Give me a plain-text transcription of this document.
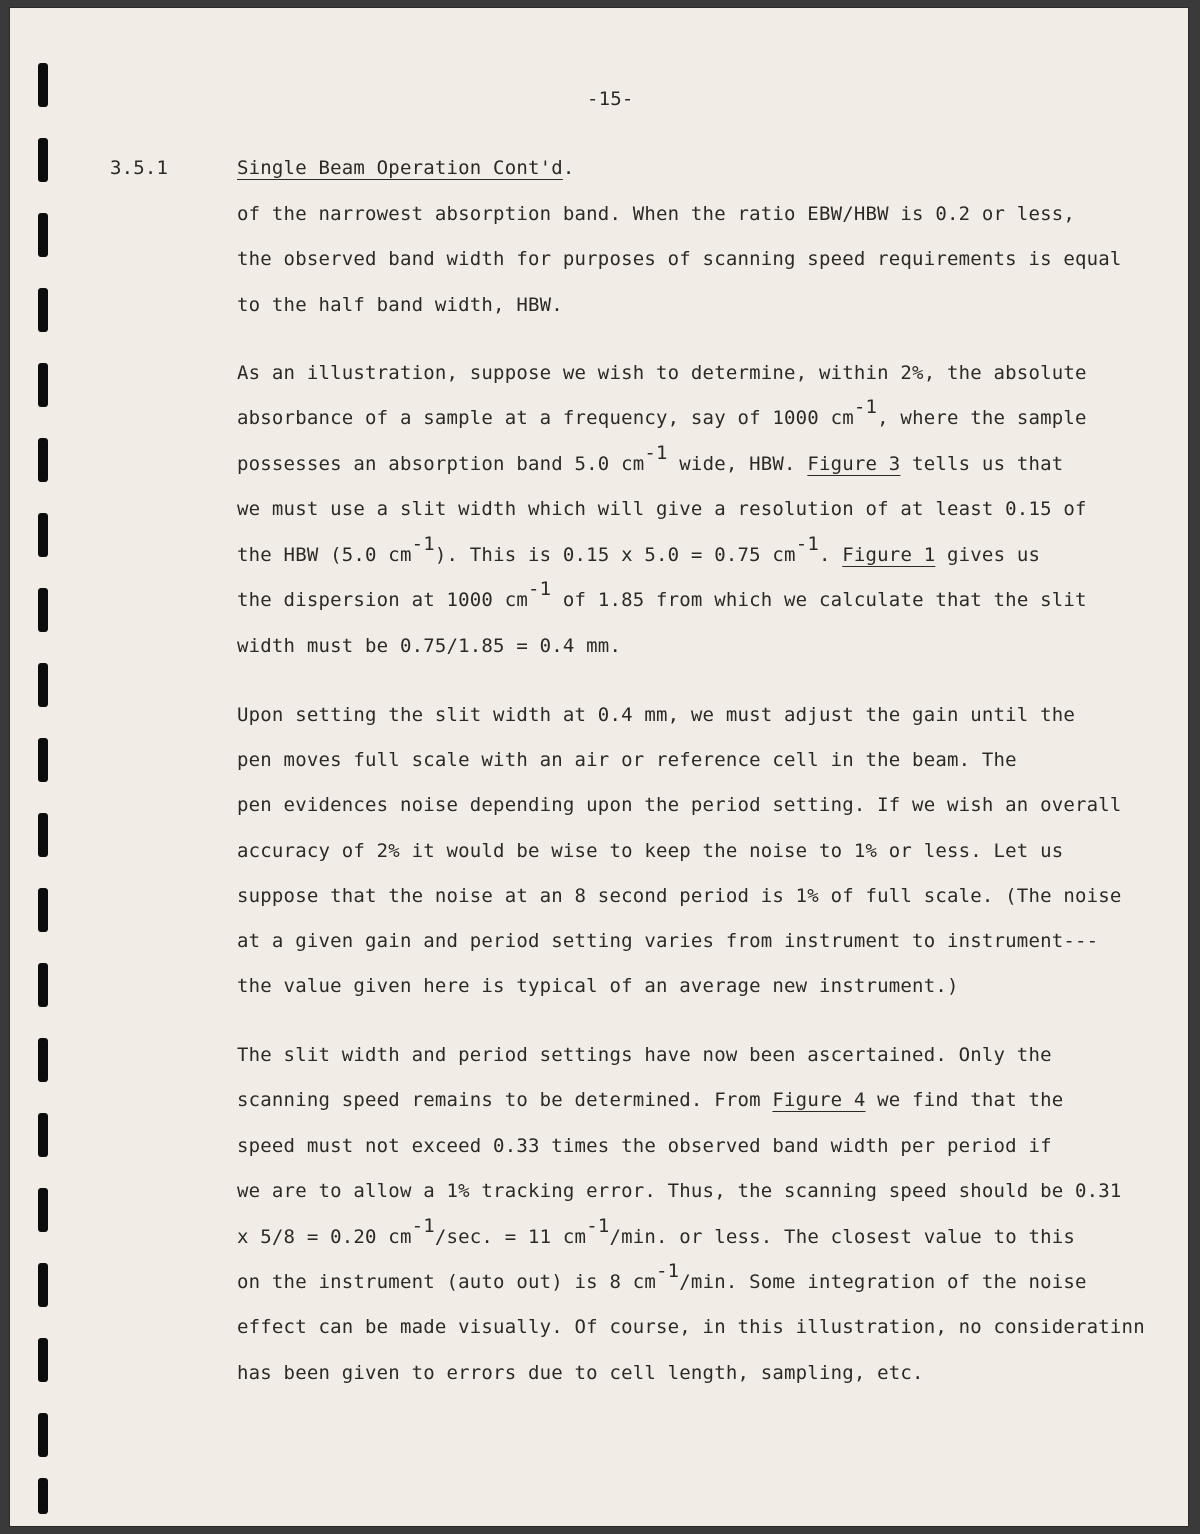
-15-
3.5.1	Single Beam Operation Cont'd.
of the narrowest absorption band. When the ratio EBW/HBW is 0.2 or less,
the observed band width for purposes of scanning speed requirements is equal
to the half band width, HBW.
As an illustration, suppose we wish to determine, within 2%, the absolute
absorbance of a sample at a frequency, say of 1000 $cm^{-1}$, where the sample
possesses an absorption band 5.0 $cm^{-1}$ wide, HBW. Figure 3 tells us that
we must use a slit width which will give a resolution of at least 0.15 of
the HBW (5.0 $cm^{-1}$). This is 0.15 x 5.0 = 0.75 $cm^{-1}$. Figure 1 gives us
the dispersion at 1000 $cm^{-1}$ of 1.85 from which we calculate that the slit
width must be 0.75/1.85 = 0.4 mm.
Upon setting the slit width at 0.4 mm, we must adjust the gain until the
pen moves full scale with an air or reference cell in the beam. The
pen evidences noise depending upon the period setting. If we wish an overall
accuracy of 2% it would be wise to keep the noise to 1% or less. Let us
suppose that the noise at an 8 second period is 1% of full scale. (The noise
at a given gain and period setting varies from instrument to instrument---
the value given here is typical of an average new instrument.)
The slit width and period settings have now been ascertained. Only the
scanning speed remains to be determined. From Figure 4 we find that the
speed must not exceed 0.33 times the observed band width per period if
we are to allow a 1% tracking error. Thus, the scanning speed should be 0.31
x 5/8 = 0.20 $cm^{-1}/\sec$. = 11 $cm^{-1}/\min$. or less. The closest value to this
on the instrument (auto out) is 8 $cm^{-1}/\min$. Some integration of the noise
effect can be made visually. Of course, in this illustration, no consideratinn
has been given to errors due to cell length, sampling, etc.
